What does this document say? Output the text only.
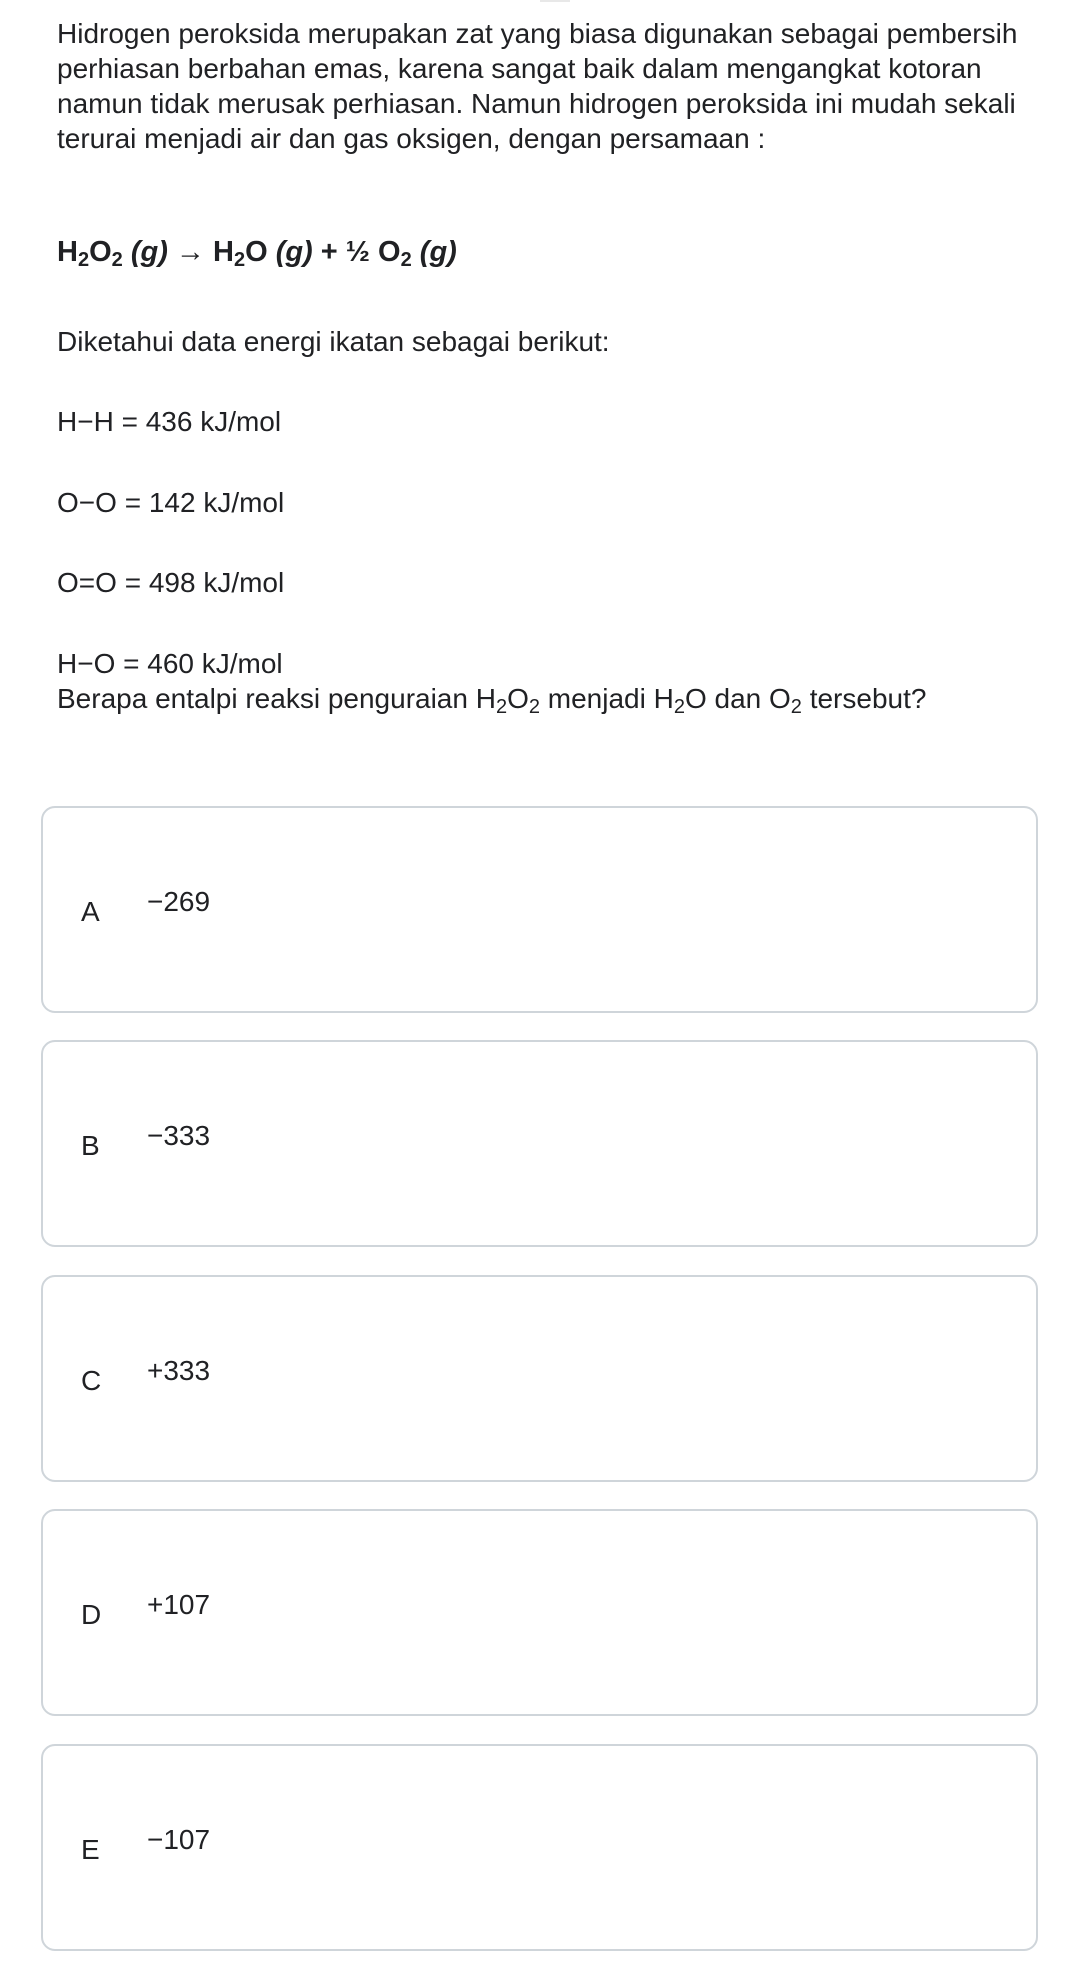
Hidrogen peroksida merupakan zat yang biasa digunakan sebagai pembersih perhiasan berbahan emas, karena sangat baik dalam mengangkat kotoran namun tidak merusak perhiasan. Namun hidrogen peroksida ini mudah sekali terurai menjadi air dan gas oksigen, dengan persamaan :

$H_2O_2$ $(g) \to H_2O$ (g) + ½ $O_2$ (g)
Diketahui data energi ikatan sebagai berikut:
H−H = 436 kJ/mol
O−O = 142 kJ/mol
O=O = 498 kJ/mol
H−O = 460 kJ/mol
Berapa entalpi reaksi penguraian $H_2O_2$ menjadi $H_2O$ dan $O_2$ tersebut?
A −269
B −333
C +333
D +107
E −107
